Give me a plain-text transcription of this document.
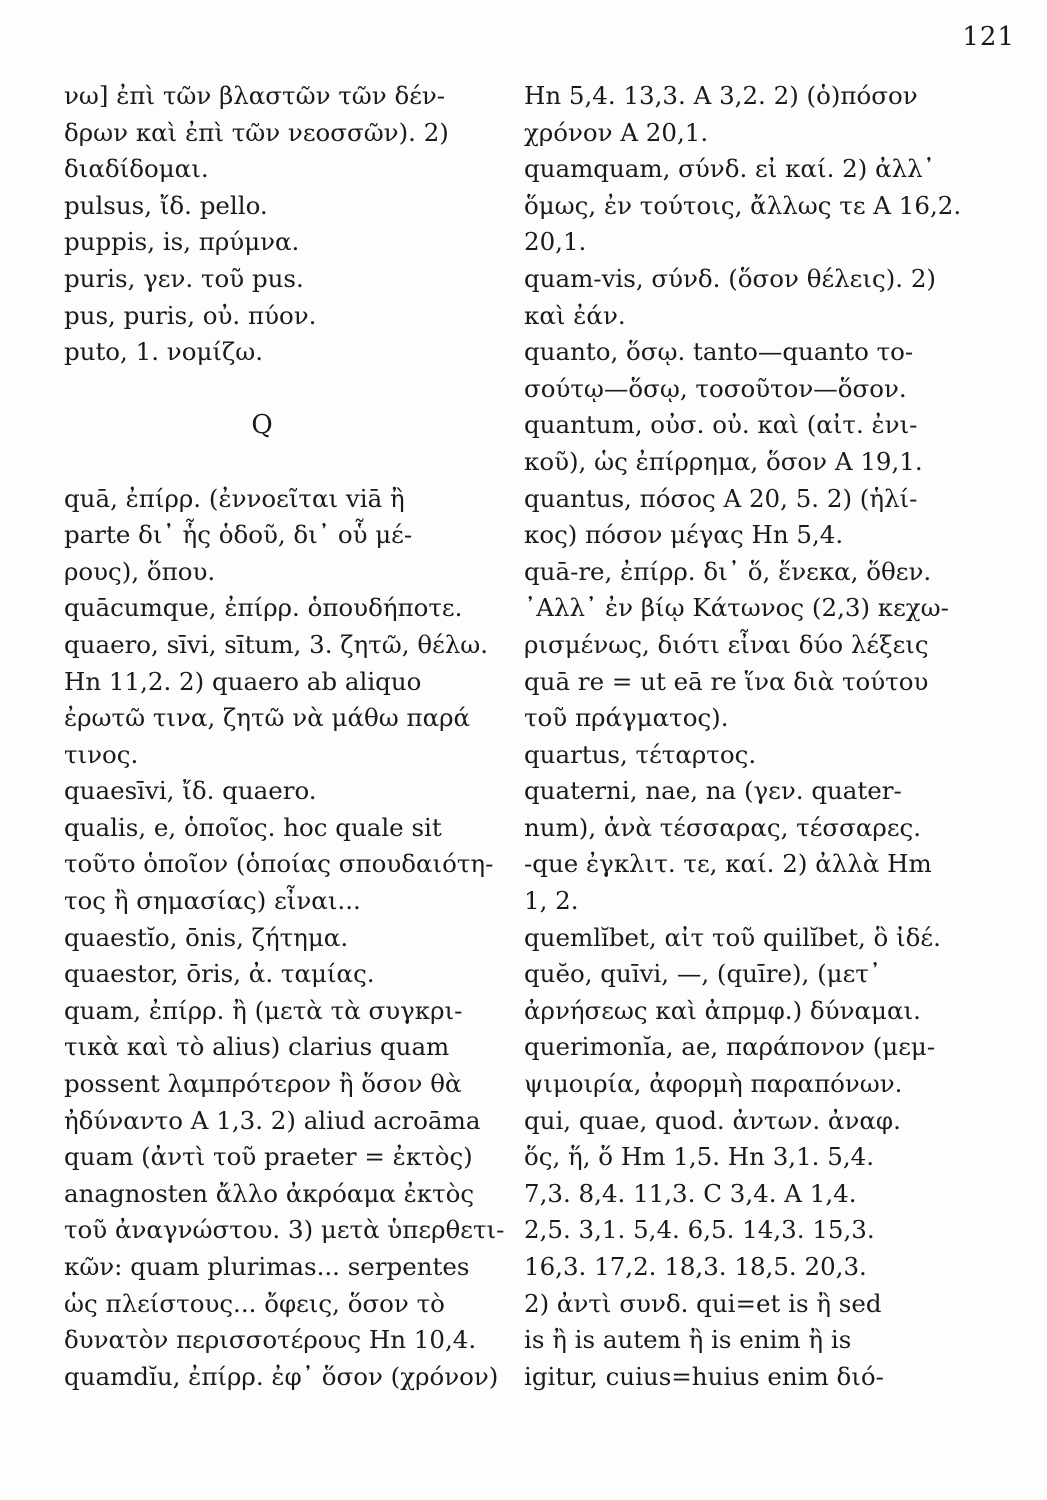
121
νω] ἐπὶ τῶν βλαστῶν τῶν δέν-
δρων καὶ ἐπὶ τῶν νεοσσῶν). 2)
διαδίδομαι.
pulsus, ἴδ. pello.
puppis, is, πρύμνα.
puris, γεν. τοῦ pus.
pus, puris, οὐ. πύον.
puto, 1. νομίζω.
Q
quā, ἐπίρρ. (ἐννοεῖται viā ἢ
parte δι᾽ ἧς ὁδοῦ, δι᾽ οὗ μέ-
ρους), ὅπου.
quācumque, ἐπίρρ. ὁπουδήποτε.
quaero, sīvi, sītum, 3. ζητῶ, θέλω.
Hn 11,2. 2) quaero ab aliquo
ἐρωτῶ τινα, ζητῶ νὰ μάθω παρά
τινος.
quaesīvi, ἴδ. quaero.
qualis, e, ὁποῖος. hoc quale sit
τοῦτο ὁποῖον (ὁποίας σπουδαιότη-
τος ἢ σημασίας) εἶναι...
quaestĭo, ōnis, ζήτημα.
quaestor, ōris, ἀ. ταμίας.
quam, ἐπίρρ. ἢ (μετὰ τὰ συγκρι-
τικὰ καὶ τὸ alius) clarius quam
possent λαμπρότερον ἢ ὅσον θὰ
ἠδύναντο A 1,3. 2) aliud acroāma
quam (ἀντὶ τοῦ praeter = ἐκτὸς)
anagnosten ἄλλο ἀκρόαμα ἐκτὸς
τοῦ ἀναγνώστου. 3) μετὰ ὑπερθετι-
κῶν: quam plurimas... serpentes
ὡς πλείστους... ὄφεις, ὅσον τὸ
δυνατὸν περισσοτέρους Hn 10,4.
quamdĭu, ἐπίρρ. ἐφ᾽ ὅσον (χρόνον)
Hn 5,4. 13,3. A 3,2. 2) (ὁ)πόσον
χρόνον A 20,1.
quamquam, σύνδ. εἰ καί. 2) ἀλλ᾽
ὅμως, ἐν τούτοις, ἄλλως τε A 16,2.
20,1.
quam-vis, σύνδ. (ὅσον θέλεις). 2)
καὶ ἐάν.
quanto, ὅσῳ. tanto—quanto το-
σούτῳ—ὅσῳ, τοσοῦτον—ὅσον.
quantum, οὐσ. οὐ. καὶ (αἰτ. ἐνι-
κοῦ), ὡς ἐπίρρημα, ὅσον A 19,1.
quantus, πόσος A 20, 5. 2) (ἡλί-
κος) πόσον μέγας Hn 5,4.
quā-re, ἐπίρρ. δι᾽ ὅ, ἕνεκα, ὅθεν.
᾽Αλλ᾽ ἐν βίῳ Κάτωνος (2,3) κεχω-
ρισμένως, διότι εἶναι δύο λέξεις
quā re = ut eā re ἵνα διὰ τούτου
τοῦ πράγματος).
quartus, τέταρτος.
quaterni, nae, na (γεν. quater-
num), ἀνὰ τέσσαρας, τέσσαρες.
-que ἐγκλιτ. τε, καί. 2) ἀλλὰ Hm
1, 2.
quemlĭbet, αἰτ τοῦ quilĭbet, ὃ ἰδέ.
quĕo, quīvi, —, (quīre), (μετ᾽
ἀρνήσεως καὶ ἀπρμφ.) δύναμαι.
querimonĭa, ae, παράπονον (μεμ-
ψιμοιρία, ἀφορμὴ παραπόνων.
qui, quae, quod. ἀντων. ἀναφ.
ὅς, ἥ, ὅ Hm 1,5. Hn 3,1. 5,4.
7,3. 8,4. 11,3. C 3,4. A 1,4.
2,5. 3,1. 5,4. 6,5. 14,3. 15,3.
16,3. 17,2. 18,3. 18,5. 20,3.
2) ἀντὶ συνδ. qui=et is ἢ sed
is ἢ is autem ἢ is enim ἢ is
igitur, cuius=huius enim διό-
